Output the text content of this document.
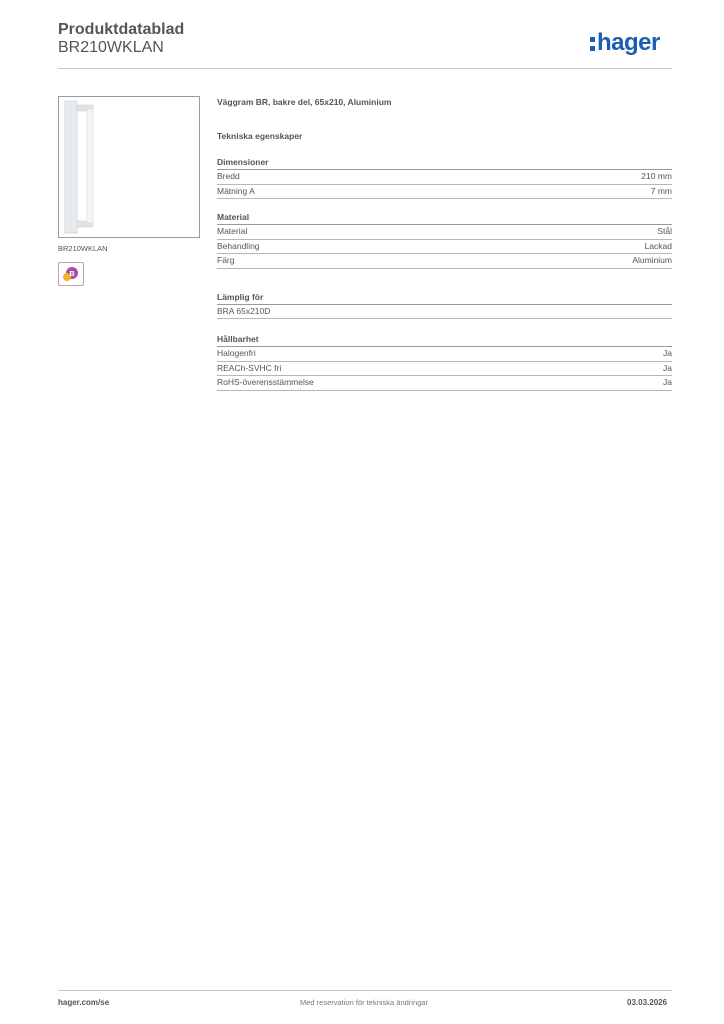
Produktdatablad
BR210WKLAN	hager
BR210WKLAN
B
Väggram BR, bakre del, 65x210, Aluminium
Tekniska egenskaper
Dimensioner
Bredd	210 mm
Mätning A	7 mm
Material
Material	Stål
Behandling	Lackad
Färg	Aluminium
Lämplig för
BRA 65x210D
Hållbarhet
Halogenfri	Ja
REACh-SVHC fri	Ja
RoHS-överensstämmelse	Ja
hager.com/se	Med reservation för tekniska ändringar	03.03.2026
